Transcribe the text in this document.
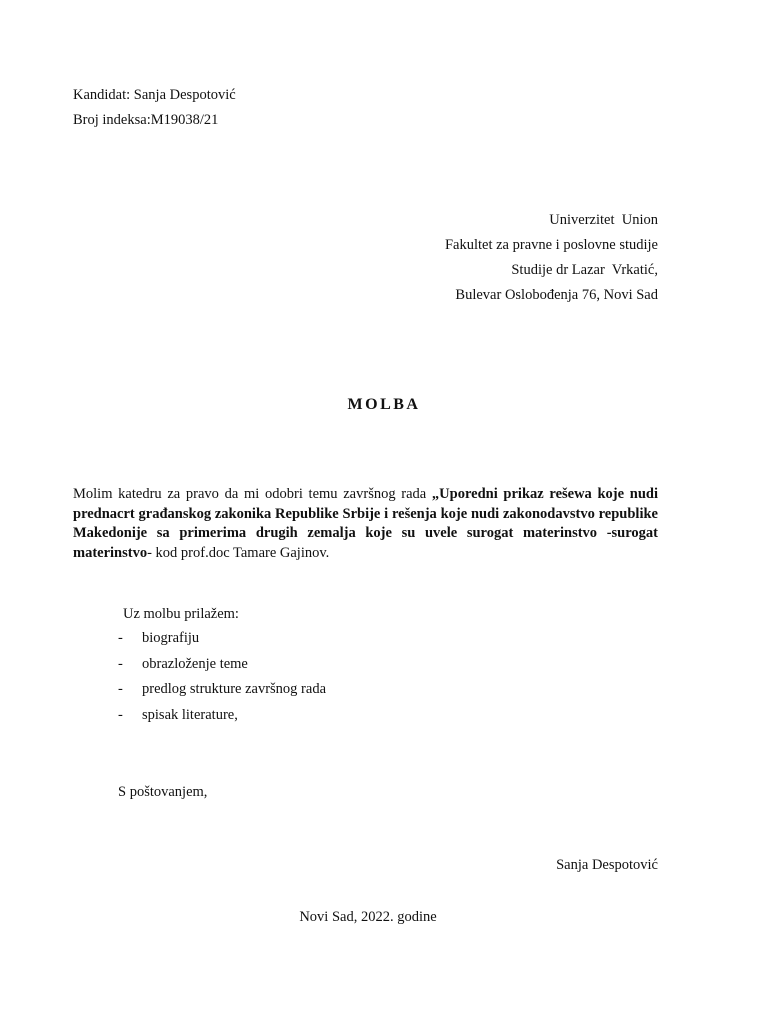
Kandidat: Sanja Despotović
Broj indeksa:M19038/21
Univerzitet  Union
Fakultet za pravne i poslovne studije
Studije dr Lazar  Vrkatić,
Bulevar Oslobođenja 76, Novi Sad
MOLBA
Molim katedru za pravo da mi odobri temu završnog rada „Uporedni prikaz rešewa koje nudi prednacrt građanskog zakonika Republike Srbije i rešenja koje nudi zakonodavstvo republike Makedonije sa primerima drugih zemalja koje su uvele surogat materinstvo -surogat materinstvo- kod prof.doc Tamare Gajinov.
Uz molbu prilažem:
- biografiju
- obrazloženje teme
- predlog strukture završnog rada
- spisak literature,
S poštovanjem,
Sanja Despotović
Novi Sad, 2022. godine
